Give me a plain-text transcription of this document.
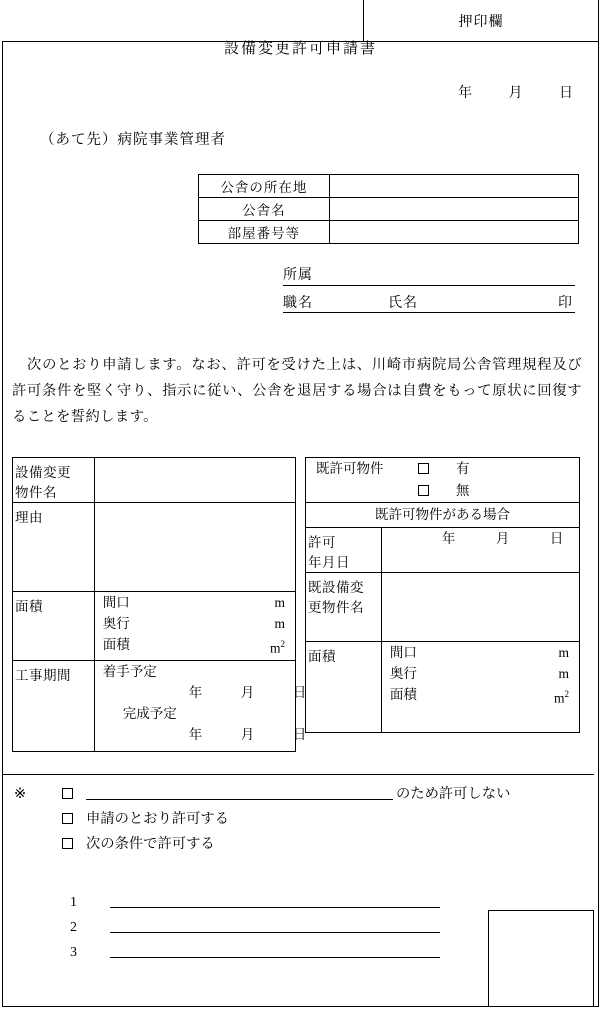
押印欄
設備変更許可申請書
年	月	日
（あて先）病院事業管理者
公舎の所在地	
公舎名	
部屋番号等	
所属
職名	氏名	印
　次のとおり申請します。なお、許可を受けた上は、川崎市病院局公舎管理規程及び許可条件を堅く守り、指示に従い、公舎を退居する場合は自費をもって原状に回復することを誓約します。
設備変更
物件名	

理由	

面積	間口	m
奥行	m
面積	$m^2$

工事期間	着手予定
年	月	日
完成予定
年	月	日
既許可物件 有
無	

既許可物件がある場合	

許可
年月日	年 月 日

既設備変
更物件名	

面積	間口	m
奥行	m
面積	$m^2$
※	のため許可しない
申請のとおり許可する
次の条件で許可する
1
2
3
